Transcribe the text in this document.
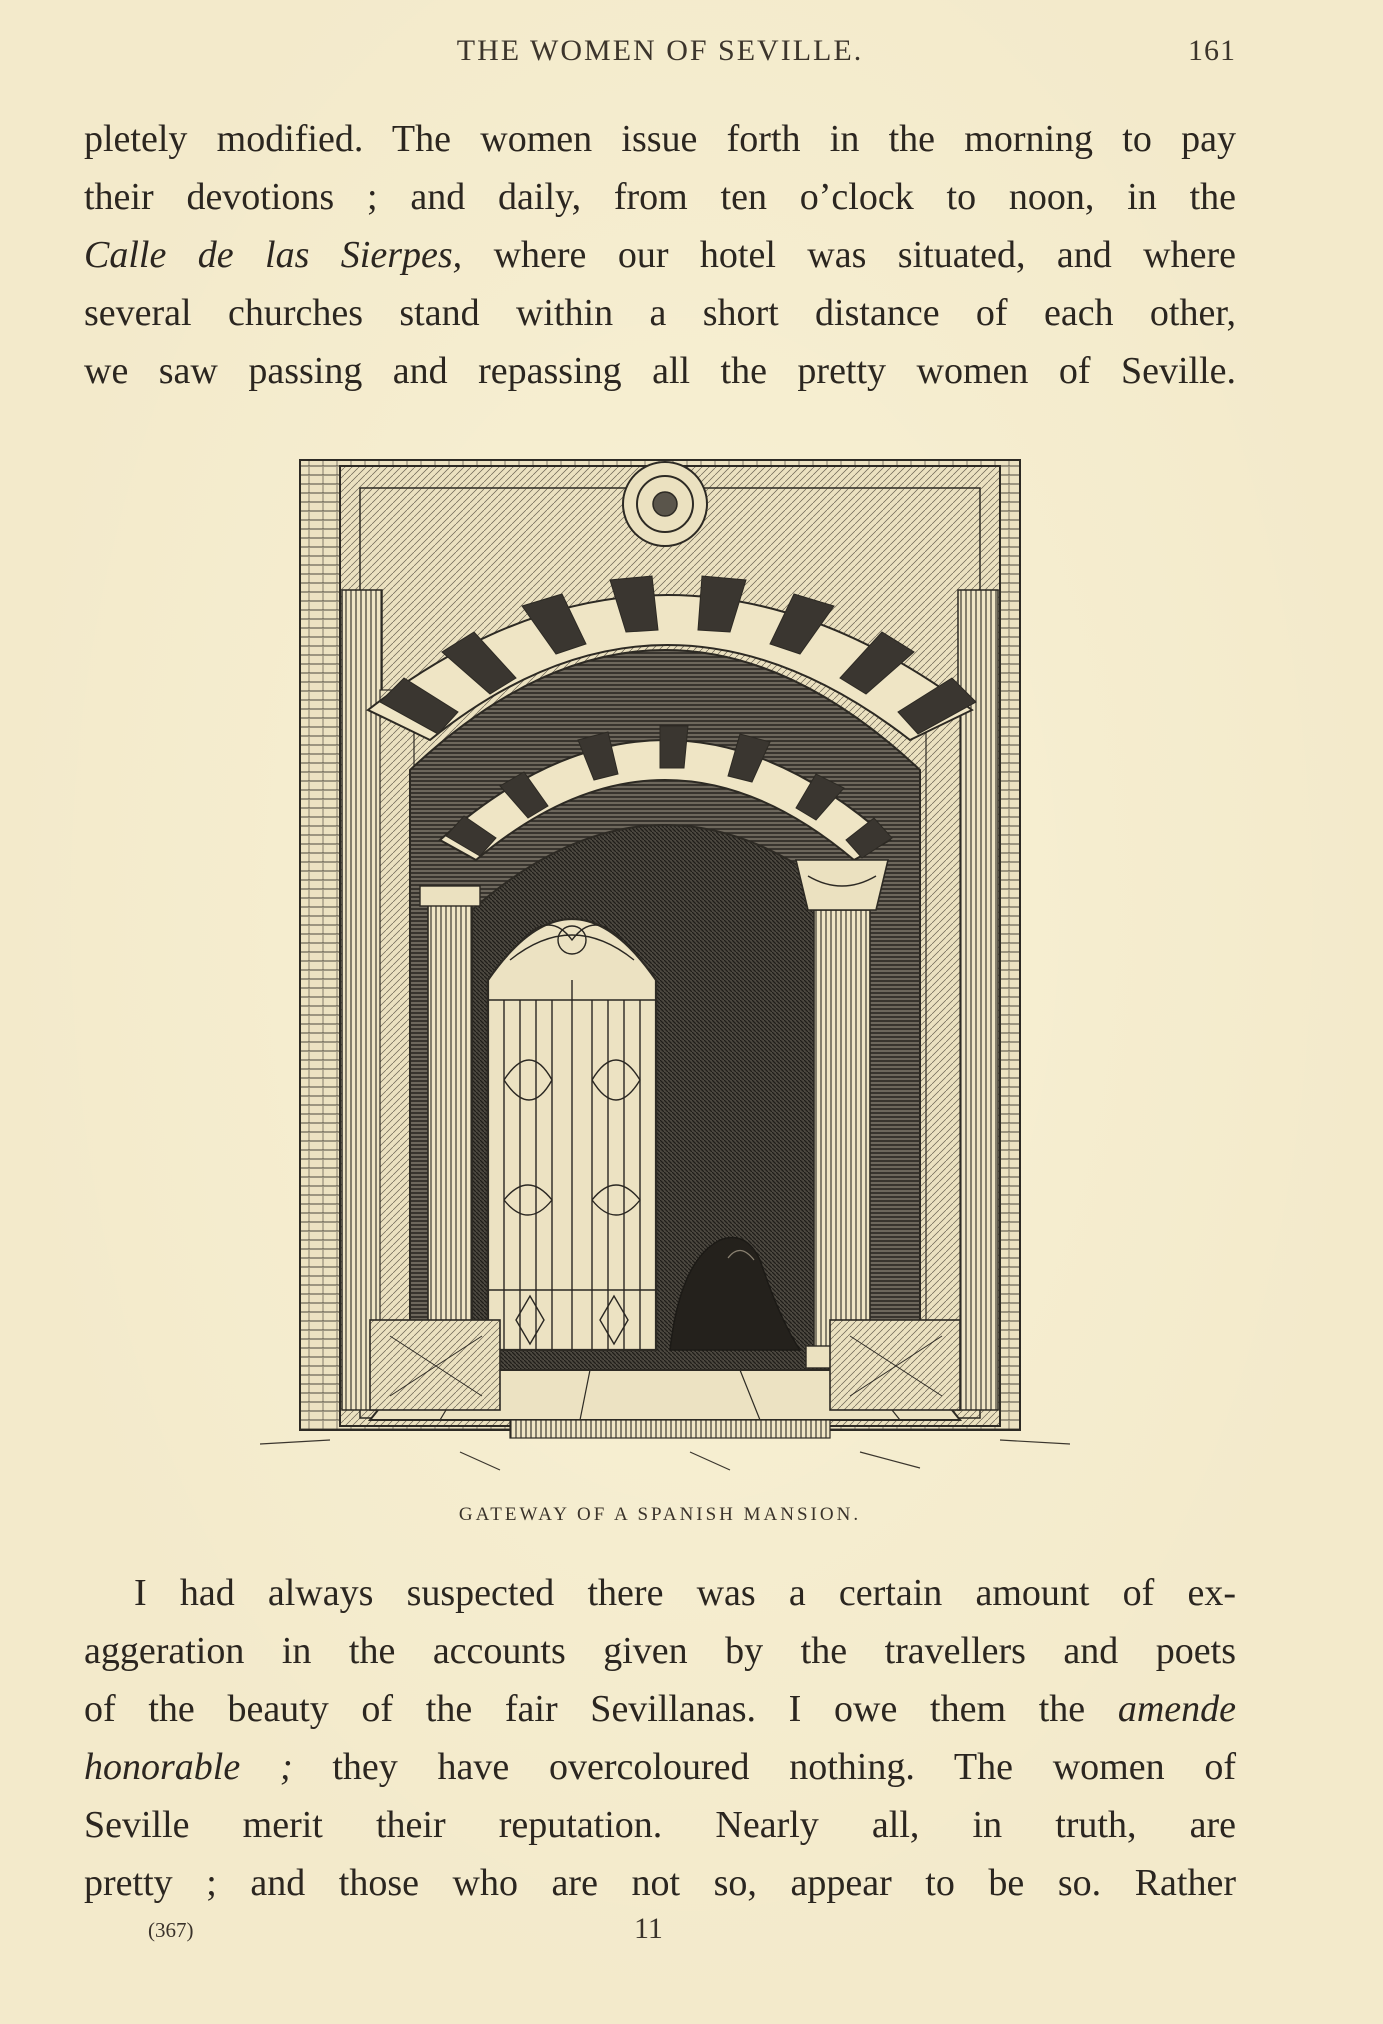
THE WOMEN OF SEVILLE.	161
pletely modified. The women issue forth in the morning to pay
their devotions ; and daily, from ten o’clock to noon, in the
Calle de las Sierpes, where our hotel was situated, and where
several churches stand within a short distance of each other,
we saw passing and repassing all the pretty women of Seville.
GATEWAY OF A SPANISH MANSION.
I had always suspected there was a certain amount of ex-
aggeration in the accounts given by the travellers and poets
of the beauty of the fair Sevillanas. I owe them the amende
honorable ; they have overcoloured nothing. The women of
Seville merit their reputation. Nearly all, in truth, are
pretty ; and those who are not so, appear to be so. Rather
(367)	11
